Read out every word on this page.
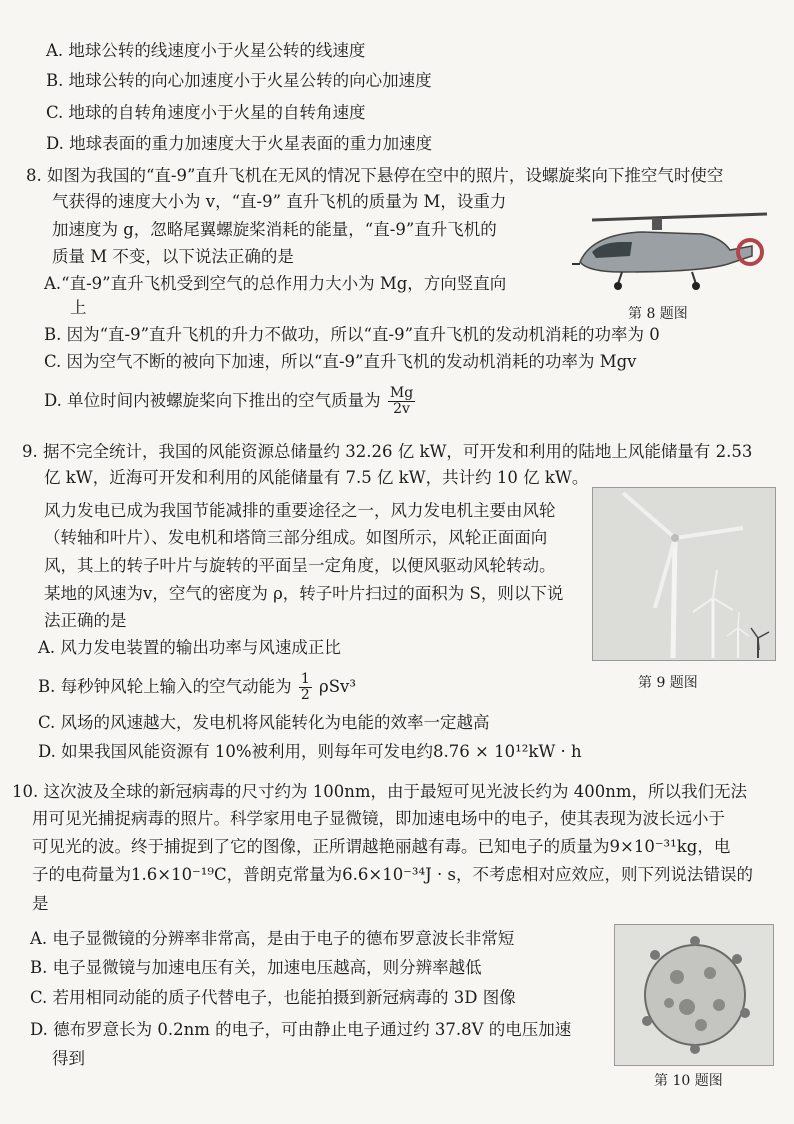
A. 地球公转的线速度小于火星公转的线速度
B. 地球公转的向心加速度小于火星公转的向心加速度
C. 地球的自转角速度小于火星的自转角速度
D. 地球表面的重力加速度大于火星表面的重力加速度
8. 如图为我国的“直-9”直升飞机在无风的情况下悬停在空中的照片，设螺旋桨向下推空气时使空
气获得的速度大小为 v，“直-9” 直升飞机的质量为 M，设重力
加速度为 g，忽略尾翼螺旋桨消耗的能量，“直-9”直升飞机的
质量 M 不变，以下说法正确的是
A.“直-9”直升飞机受到空气的总作用力大小为 Mg，方向竖直向
上
B. 因为“直-9”直升飞机的升力不做功，所以“直-9”直升飞机的发动机消耗的功率为 0
C. 因为空气不断的被向下加速，所以“直-9”直升飞机的发动机消耗的功率为 Mgv
D. 单位时间内被螺旋桨向下推出的空气质量为 $\frac{Mg}{2v}$
第 8 题图
9. 据不完全统计，我国的风能资源总储量约 32.26 亿 kW，可开发和利用的陆地上风能储量有 2.53
亿 kW，近海可开发和利用的风能储量有 7.5 亿 kW，共计约 10 亿 kW。
风力发电已成为我国节能减排的重要途径之一，风力发电机主要由风轮
（转轴和叶片）、发电机和塔筒三部分组成。如图所示，风轮正面面向
风，其上的转子叶片与旋转的平面呈一定角度，以便风驱动风轮转动。
某地的风速为v，空气的密度为 ρ，转子叶片扫过的面积为 S，则以下说
法正确的是
A. 风力发电装置的输出功率与风速成正比
B. 每秒钟风轮上输入的空气动能为 $\frac{1}{2} \rho Sv^3$
C. 风场的风速越大，发电机将风能转化为电能的效率一定越高
D. 如果我国风能资源有 10%被利用，则每年可发电约8.76 × 10¹²kW · h
第 9 题图
10. 这次波及全球的新冠病毒的尺寸约为 100nm，由于最短可见光波长约为 400nm，所以我们无法
用可见光捕捉病毒的照片。科学家用电子显微镜，即加速电场中的电子，使其表现为波长远小于
可见光的波。终于捕捉到了它的图像，正所谓越艳丽越有毒。已知电子的质量为9×10⁻³¹kg，电
子的电荷量为1.6×10⁻¹⁹C，普朗克常量为6.6×10⁻³⁴J · s，不考虑相对应效应，则下列说法错误的
是
A. 电子显微镜的分辨率非常高，是由于电子的德布罗意波长非常短
B. 电子显微镜与加速电压有关，加速电压越高，则分辨率越低
C. 若用相同动能的质子代替电子，也能拍摄到新冠病毒的 3D 图像
D. 德布罗意长为 0.2nm 的电子，可由静止电子通过约 37.8V 的电压加速
得到
第 10 题图
